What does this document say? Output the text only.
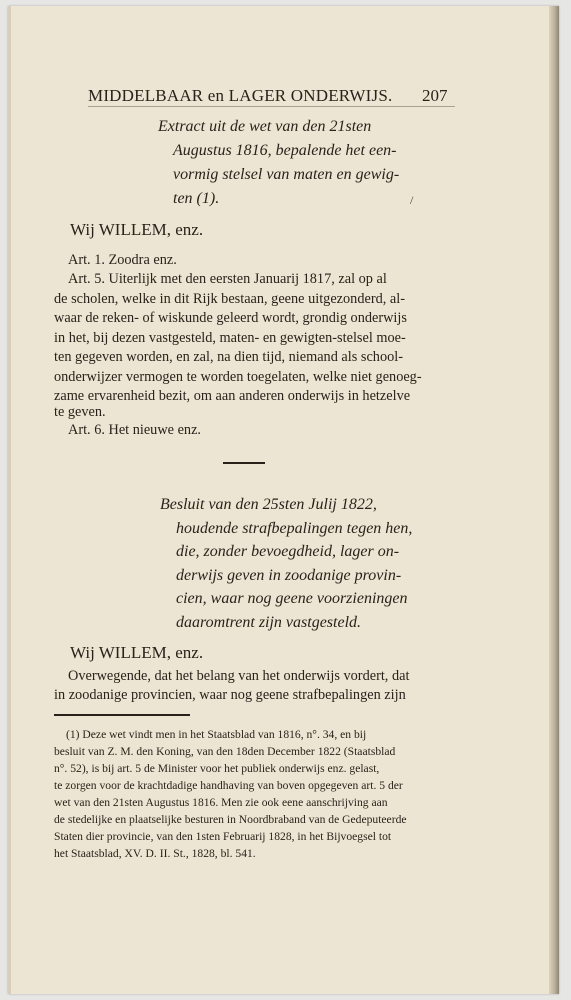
MIDDELBAAR en LAGER ONDERWIJS. 207
Extract uit de wet van den 21sten
Augustus 1816, bepalende het een-
vormig stelsel van maten en gewig-
ten (1).	/
Wij WILLEM, enz.
Art. 1. Zoodra enz.
Art. 5. Uiterlijk met den eersten Januarij 1817, zal op al
de scholen, welke in dit Rijk bestaan, geene uitgezonderd, al-
waar de reken- of wiskunde geleerd wordt, grondig onderwijs
in het, bij dezen vastgesteld, maten- en gewigten-stelsel moe-
ten gegeven worden, en zal, na dien tijd, niemand als school-
onderwijzer vermogen te worden toegelaten, welke niet genoeg-
zame ervarenheid bezit, om aan anderen onderwijs in hetzelve
te geven.
Art. 6. Het nieuwe enz.
Besluit van den 25sten Julij 1822,
houdende strafbepalingen tegen hen,
die, zonder bevoegdheid, lager on-
derwijs geven in zoodanige provin-
cien, waar nog geene voorzieningen
daaromtrent zijn vastgesteld.
Wij WILLEM, enz.
Overwegende, dat het belang van het onderwijs vordert, dat
in zoodanige provincien, waar nog geene strafbepalingen zijn
(1) Deze wet vindt men in het Staatsblad van 1816, n°. 34, en bij
besluit van Z. M. den Koning, van den 18den December 1822 (Staatsblad
n°. 52), is bij art. 5 de Minister voor het publiek onderwijs enz. gelast,
te zorgen voor de krachtdadige handhaving van boven opgegeven art. 5 der
wet van den 21sten Augustus 1816. Men zie ook eene aanschrijving aan
de stedelijke en plaatselijke besturen in Noordbraband van de Gedeputeerde
Staten dier provincie, van den 1sten Februarij 1828, in het Bijvoegsel tot
het Staatsblad, XV. D. II. St., 1828, bl. 541.
